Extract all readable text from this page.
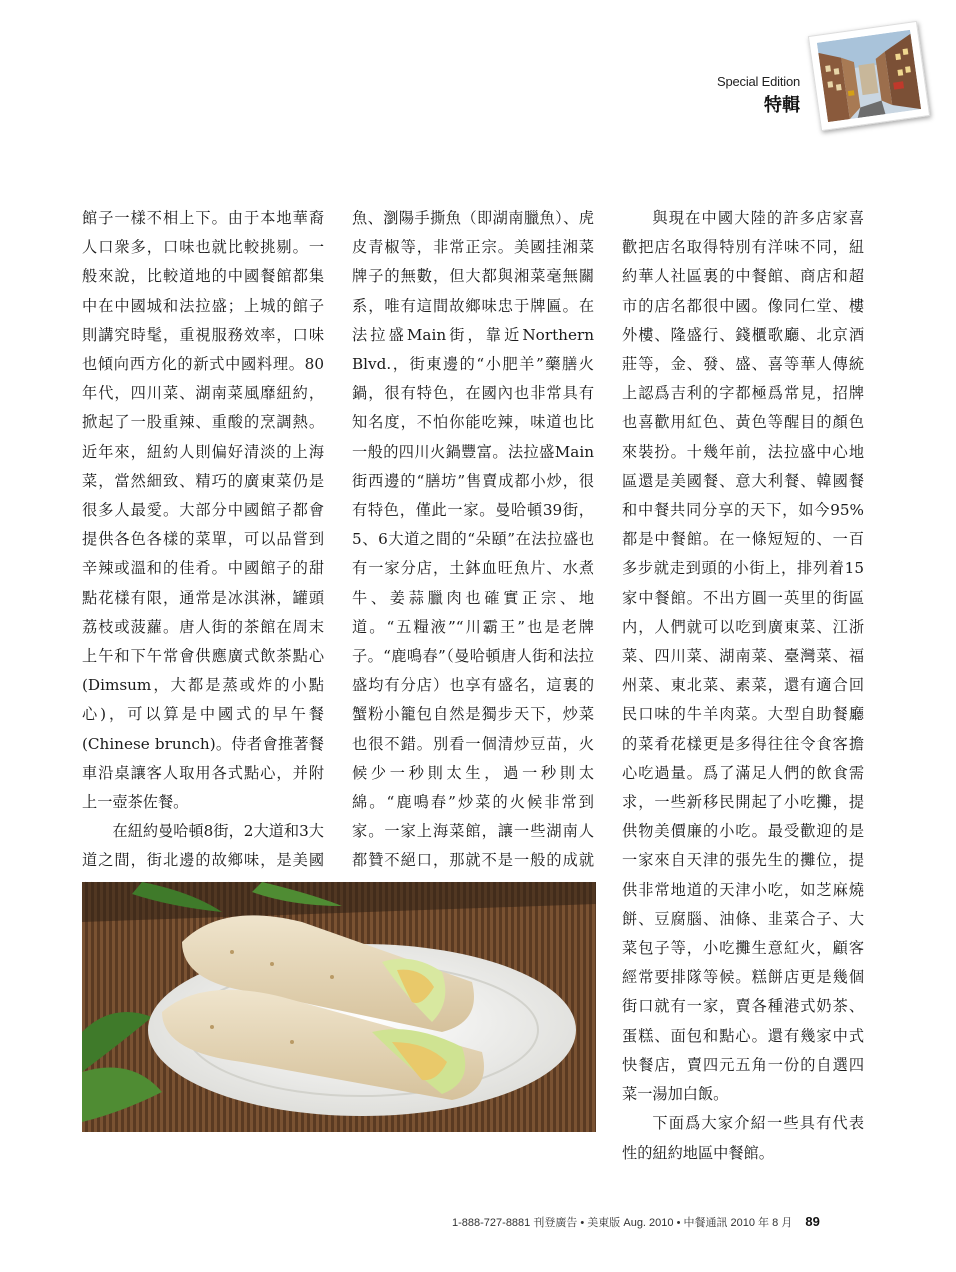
Special Edition
特輯

館子一樣不相上下。由于本地華裔人口衆多，口味也就比較挑剔。一般來說，比較道地的中國餐館都集中在中國城和法拉盛；上城的館子則講究時髦，重視服務效率，口味也傾向西方化的新式中國料理。80年代，四川菜、湖南菜風靡紐約，掀起了一股重辣、重酸的烹調熱。近年來，紐約人則偏好清淡的上海菜，當然細致、精巧的廣東菜仍是很多人最愛。大部分中國館子都會提供各色各樣的菜單，可以品嘗到辛辣或溫和的佳肴。中國館子的甜點花樣有限，通常是冰淇淋，罐頭荔枝或菠蘿。唐人街的茶館在周末上午和下午常會供應廣式飲茶點心(Dimsum，大都是蒸或炸的小點心)，可以算是中國式的早午餐(Chinese brunch)。侍者會推著餐車沿桌讓客人取用各式點心，并附上一壺茶佐餐。

在紐約曼哈頓8街，2大道和3大道之間，街北邊的故鄉味，是美國

魚、瀏陽手撕魚（即湖南臘魚）、虎皮青椒等，非常正宗。美國挂湘菜牌子的無數，但大都與湘菜毫無關系，唯有這間故鄉味忠于牌匾。在法拉盛Main街，靠近Northern Blvd.，街東邊的“小肥羊”藥膳火鍋，很有特色，在國內也非常具有知名度，不怕你能吃辣，味道也比一般的四川火鍋豐富。法拉盛Main街西邊的“膳坊”售賣成都小炒，很有特色，僅此一家。曼哈頓39街，5、6大道之間的“朵頤”在法拉盛也有一家分店，土鉢血旺魚片、水煮牛、姜蒜臘肉也確實正宗、地道。“五糧液”“川霸王”也是老牌子。“鹿鳴春”（曼哈頓唐人街和法拉盛均有分店）也享有盛名，這裏的蟹粉小籠包自然是獨步天下，炒菜也很不錯。別看一個清炒豆苗，火候少一秒則太生，過一秒則太綿。“鹿鳴春”炒菜的火候非常到家。一家上海菜館，讓一些湖南人都贊不絕口，那就不是一般的成就

與現在中國大陸的許多店家喜歡把店名取得特別有洋味不同，紐約華人社區裏的中餐館、商店和超市的店名都很中國。像同仁堂、樓外樓、隆盛行、錢櫃歌廳、北京酒莊等，金、發、盛、喜等華人傳統上認爲吉利的字都極爲常見，招牌也喜歡用紅色、黃色等醒目的顏色來裝扮。十幾年前，法拉盛中心地區還是美國餐、意大利餐、韓國餐和中餐共同分享的天下，如今95%都是中餐館。在一條短短的、一百多步就走到頭的小街上，排列着15家中餐館。不出方圓一英里的街區内，人們就可以吃到廣東菜、江浙菜、四川菜、湖南菜、臺灣菜、福州菜、東北菜、素菜，還有適合回民口味的牛羊肉菜。大型自助餐廳的菜肴花樣更是多得往往令食客擔心吃過量。爲了滿足人們的飲食需求，一些新移民開起了小吃攤，提供物美價廉的小吃。最受歡迎的是一家來自天津的張先生的攤位，提供非常地道的天津小吃，如芝麻燒餅、豆腐腦、油條、韭菜合子、大菜包子等，小吃攤生意紅火，顧客經常要排隊等候。糕餅店更是幾個街口就有一家，賣各種港式奶茶、蛋糕、面包和點心。還有幾家中式快餐店，賣四元五角一份的自選四菜一湯加白飯。

下面爲大家介紹一些具有代表性的紐約地區中餐館。

1-888-727-8881 刊登廣告 • 美東版 Aug. 2010 • 中餐通訊 2010 年 8 月 89
